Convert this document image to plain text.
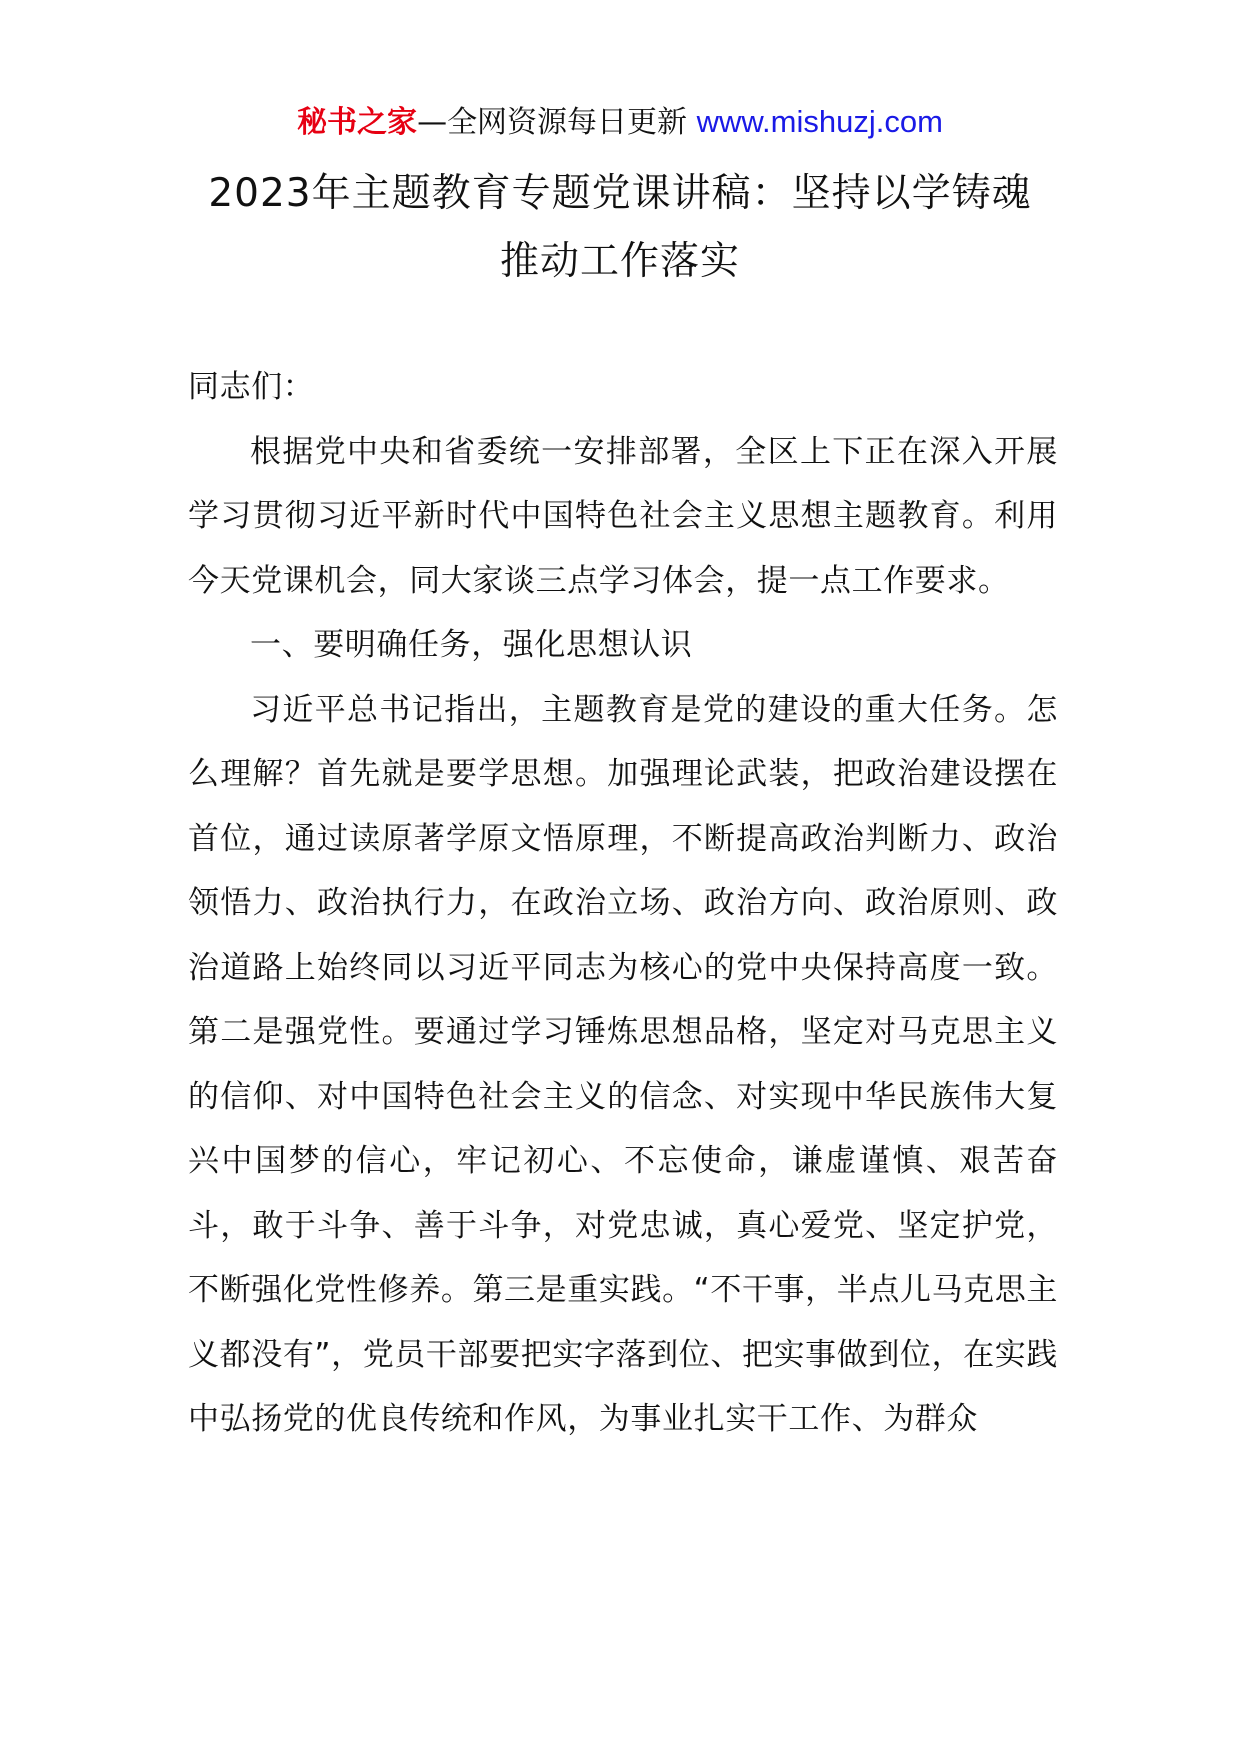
秘书之家—全网资源每日更新 www.mishuzj.com
2023年主题教育专题党课讲稿：坚持以学铸魂
推动工作落实

同志们：

根据党中央和省委统一安排部署，全区上下正在深入开展学习贯彻习近平新时代中国特色社会主义思想主题教育。利用今天党课机会，同大家谈三点学习体会，提一点工作要求。

一、要明确任务，强化思想认识

习近平总书记指出，主题教育是党的建设的重大任务。怎么理解？首先就是要学思想。加强理论武装，把政治建设摆在首位，通过读原著学原文悟原理，不断提高政治判断力、政治领悟力、政治执行力，在政治立场、政治方向、政治原则、政治道路上始终同以习近平同志为核心的党中央保持高度一致。第二是强党性。要通过学习锤炼思想品格，坚定对马克思主义的信仰、对中国特色社会主义的信念、对实现中华民族伟大复兴中国梦的信心，牢记初心、不忘使命，谦虚谨慎、艰苦奋斗，敢于斗争、善于斗争，对党忠诚，真心爱党、坚定护党，不断强化党性修养。第三是重实践。“不干事，半点儿马克思主义都没有”，党员干部要把实字落到位、把实事做到位，在实践中弘扬党的优良传统和作风，为事业扎实干工作、为群众
